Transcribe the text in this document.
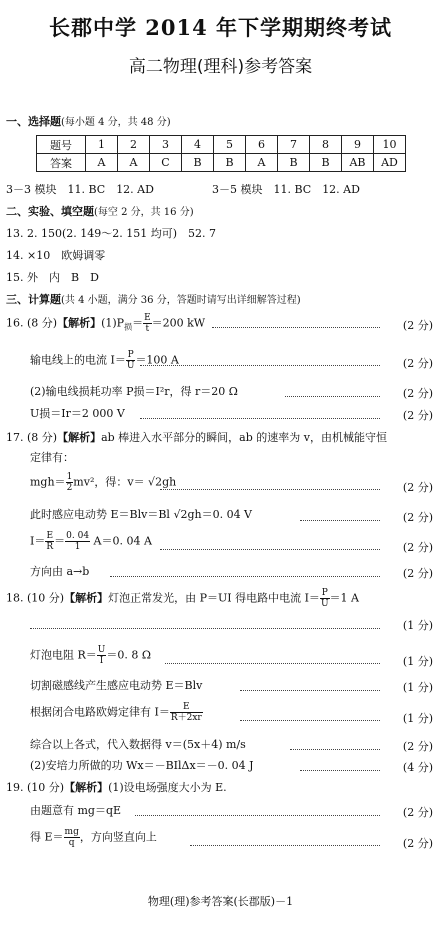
长郡中学 2014 年下学期期终考试
高二物理(理科)参考答案
一、选择题(每小题 4 分，共 48 分)
题号	1	2	3	4	5	6	7	8	9	10
答案	A	A	C	B	B	A	B	B	AB	AD
3－3 模块　11. BC　12. AD	3－5 模块　11. BC　12. AD
二、实验、填空题(每空 2 分，共 16 分)
13. 2. 150(2. 149～2. 151 均可)　52. 7
14. ×10　欧姆调零
15. 外　内　B　D
三、计算题(共 4 小题，满分 36 分，答题时请写出详细解答过程)
16. (8 分)【解析】$(1)P_损= \frac{E}{t} =200$ kW	(2 分)
输电线上的电流 $I= \frac{P}{U} =100$ A	(2 分)
(2)输电线损耗功率 P损＝I²r，得 r＝20 Ω	(2 分)
U损＝Ir＝2 000 V	(2 分)
17. (8 分)【解析】ab 棒进入水平部分的瞬间，ab 的速率为 v，由机械能守恒
定律有：
$mgh= \frac{1}{2} mv^2$，得：v＝ √2gh	(2 分)
此时感应电动势 E＝Blv＝Bl √2gh＝0. 04 V	(2 分)
$I= \frac{E}{R} = \frac{0. 04}{1} A=0$. 04 A	(2 分)
方向由 a→b	(2 分)
18. (10 分)【解析】灯泡正常发光，由 P＝UI 得电路中电流 $I= \frac{P}{U} =1$ A
(1 分)
灯泡电阻 $R= \frac{U}{I} =0$. 8 Ω	(1 分)
切割磁感线产生感应电动势 E＝Blv	(1 分)
根据闭合电路欧姆定律有 $I= \frac{E}{R+2xr}$	(1 分)
综合以上各式，代入数据得 v＝(5x＋4) m/s	(2 分)
(2)安培力所做的功 Wx＝－BIlΔx＝－0. 04 J	(4 分)
19. (10 分)【解析】(1)设电场强度大小为 E.
由题意有 mg＝qE	(2 分)
得 $E= \frac{mg}{q}$ ，方向竖直向上	(2 分)
物理(理)参考答案(长郡版)－1
